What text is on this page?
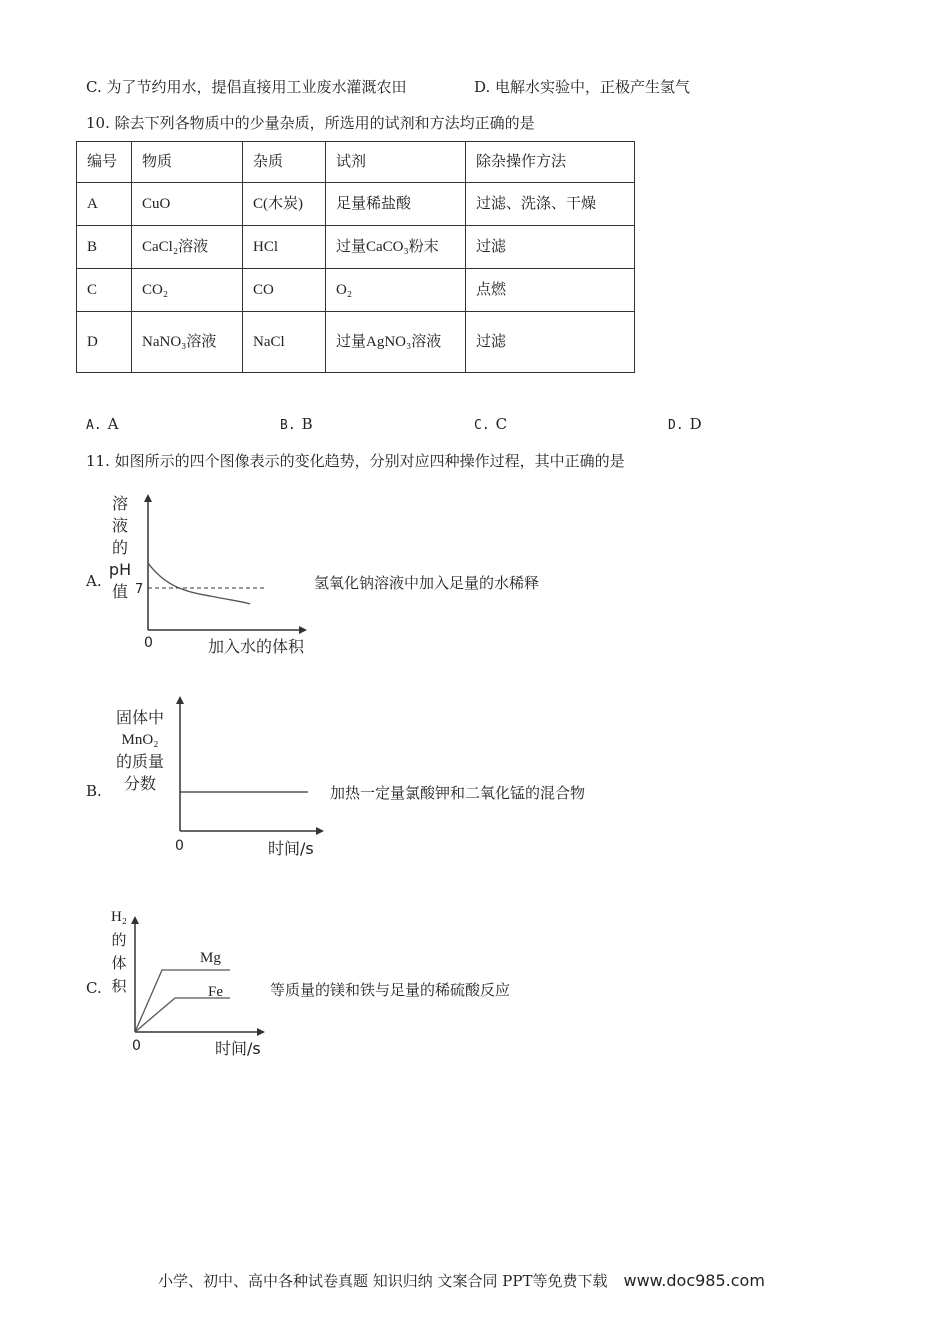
C. 为了节约用水，提倡直接用工业废水灌溉农田	D. 电解水实验中，正极产生氢气
10. 除去下列各物质中的少量杂质，所选用的试剂和方法均正确的是
编号	物质	杂质	试剂	除杂操作方法
A	CuO	C(木炭)	足量稀盐酸	过滤、洗涤、干燥
B	CaCl₂溶液	HCl	过量CaCO₃粉末	过滤
C	CO₂	CO	O₂	点燃
D	NaNO₃溶液	NaCl	过量AgNO₃溶液	过滤
A. A	B. B	C. C	D. D
11. 如图所示的四个图像表示的变化趋势，分别对应四种操作过程，其中正确的是
A.
溶
液
的
pH
值 7
0	加入水的体积
氢氧化钠溶液中加入足量的水稀释
B.
固体中
MnO₂
的质量
分数
0	时间/s
加热一定量氯酸钾和二氧化锰的混合物
C.
H₂
的
体
积
Mg
Fe
0	时间/s
等质量的镁和铁与足量的稀硫酸反应
小学、初中、高中各种试卷真题 知识归纳 文案合同 PPT等免费下载 www.doc985.com
